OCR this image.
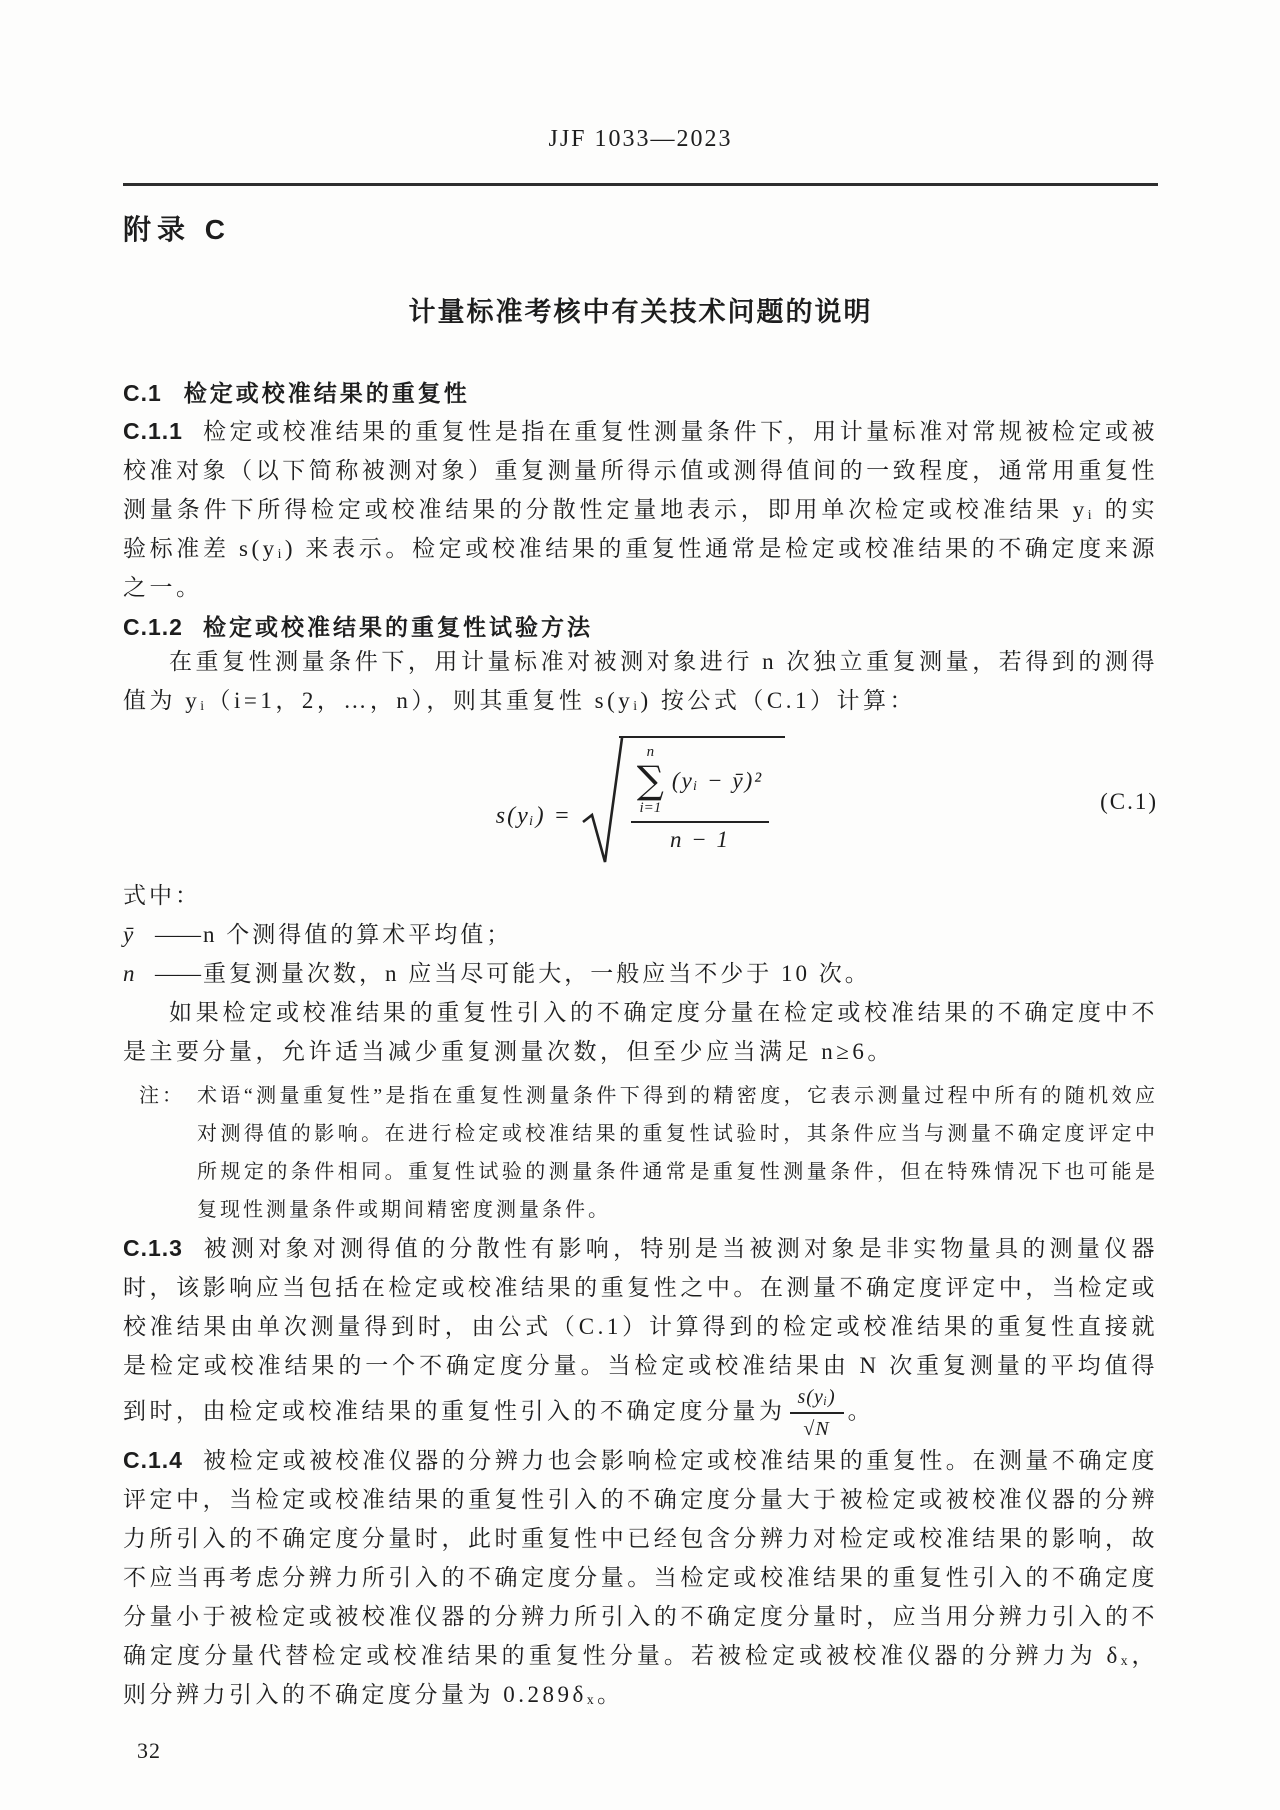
JJF 1033—2023
附录 C
计量标准考核中有关技术问题的说明
C.1 检定或校准结果的重复性

C.1.1 检定或校准结果的重复性是指在重复性测量条件下，用计量标准对常规被检定或被校准对象（以下简称被测对象）重复测量所得示值或测得值间的一致程度，通常用重复性测量条件下所得检定或校准结果的分散性定量地表示，即用单次检定或校准结果 yᵢ 的实验标准差 s(yᵢ) 来表示。检定或校准结果的重复性通常是检定或校准结果的不确定度来源之一。

C.1.2 检定或校准结果的重复性试验方法

在重复性测量条件下，用计量标准对被测对象进行 n 次独立重复测量，若得到的测得值为 yᵢ（i=1，2，…，n），则其重复性 s(yᵢ) 按公式（C.1）计算：

s(yᵢ) =
n
∑
i=1
(yᵢ − ȳ)²
n − 1
(C.1)

式中：

ȳ —— n 个测得值的算术平均值；
n —— 重复测量次数，n 应当尽可能大，一般应当不少于 10 次。

如果检定或校准结果的重复性引入的不确定度分量在检定或校准结果的不确定度中不是主要分量，允许适当减少重复测量次数，但至少应当满足 n≥6。

注： 术语“测量重复性”是指在重复性测量条件下得到的精密度，它表示测量过程中所有的随机效应对测得值的影响。在进行检定或校准结果的重复性试验时，其条件应当与测量不确定度评定中所规定的条件相同。重复性试验的测量条件通常是重复性测量条件，但在特殊情况下也可能是复现性测量条件或期间精密度测量条件。

C.1.3 被测对象对测得值的分散性有影响，特别是当被测对象是非实物量具的测量仪器时，该影响应当包括在检定或校准结果的重复性之中。在测量不确定度评定中，当检定或校准结果由单次测量得到时，由公式（C.1）计算得到的检定或校准结果的重复性直接就是检定或校准结果的一个不确定度分量。当检定或校准结果由 N 次重复测量的平均值得到时，由检定或校准结果的重复性引入的不确定度分量为 $\frac{\text{s(yᵢ)}}{√N}$ 。

C.1.4 被检定或被校准仪器的分辨力也会影响检定或校准结果的重复性。在测量不确定度评定中，当检定或校准结果的重复性引入的不确定度分量大于被检定或被校准仪器的分辨力所引入的不确定度分量时，此时重复性中已经包含分辨力对检定或校准结果的影响，故不应当再考虑分辨力所引入的不确定度分量。当检定或校准结果的重复性引入的不确定度分量小于被检定或被校准仪器的分辨力所引入的不确定度分量时，应当用分辨力引入的不确定度分量代替检定或校准结果的重复性分量。若被检定或被校准仪器的分辨力为 δₓ，则分辨力引入的不确定度分量为 0.289δₓ。

32
